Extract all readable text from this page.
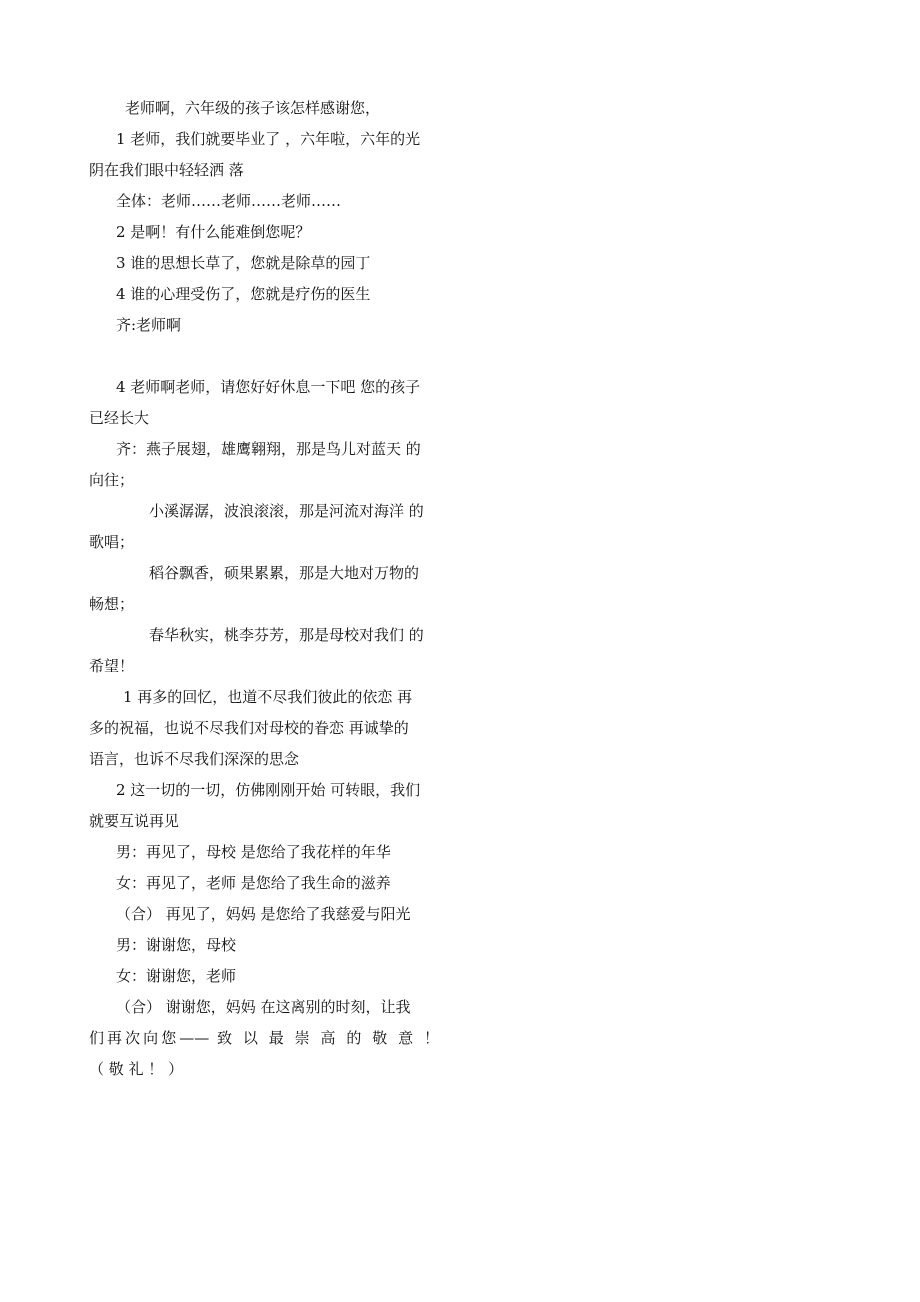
老师啊，六年级的孩子该怎样感谢您，
1 老师，我们就要毕业了 ，六年啦，六年的光
阴在我们眼中轻轻洒 落
全体：老师……老师……老师……
2 是啊！有什么能难倒您呢？
3 谁的思想长草了，您就是除草的园丁
4 谁的心理受伤了，您就是疗伤的医生
齐:老师啊
4 老师啊老师，请您好好休息一下吧 您的孩子
已经长大
齐：燕子展翅，雄鹰翱翔，那是鸟儿对蓝天 的
向往；
小溪潺潺，波浪滚滚，那是河流对海洋 的
歌唱；
稻谷飘香，硕果累累，那是大地对万物的
畅想；
春华秋实，桃李芬芳，那是母校对我们 的
希望！
1 再多的回忆，也道不尽我们彼此的依恋 再
多的祝福，也说不尽我们对母校的眷恋 再诚挚的
语言，也诉不尽我们深深的思念
2 这一切的一切，仿佛刚刚开始 可转眼，我们
就要互说再见
男：再见了，母校 是您给了我花样的年华
女：再见了，老师 是您给了我生命的滋养
（合） 再见了，妈妈 是您给了我慈爱与阳光
男：谢谢您，母校
女：谢谢您，老师
（合） 谢谢您，妈妈 在这离别的时刻，让我
们再次向您—— 致 以 最 崇 高 的 敬 意 ！
（ 敬 礼 ！ ）
